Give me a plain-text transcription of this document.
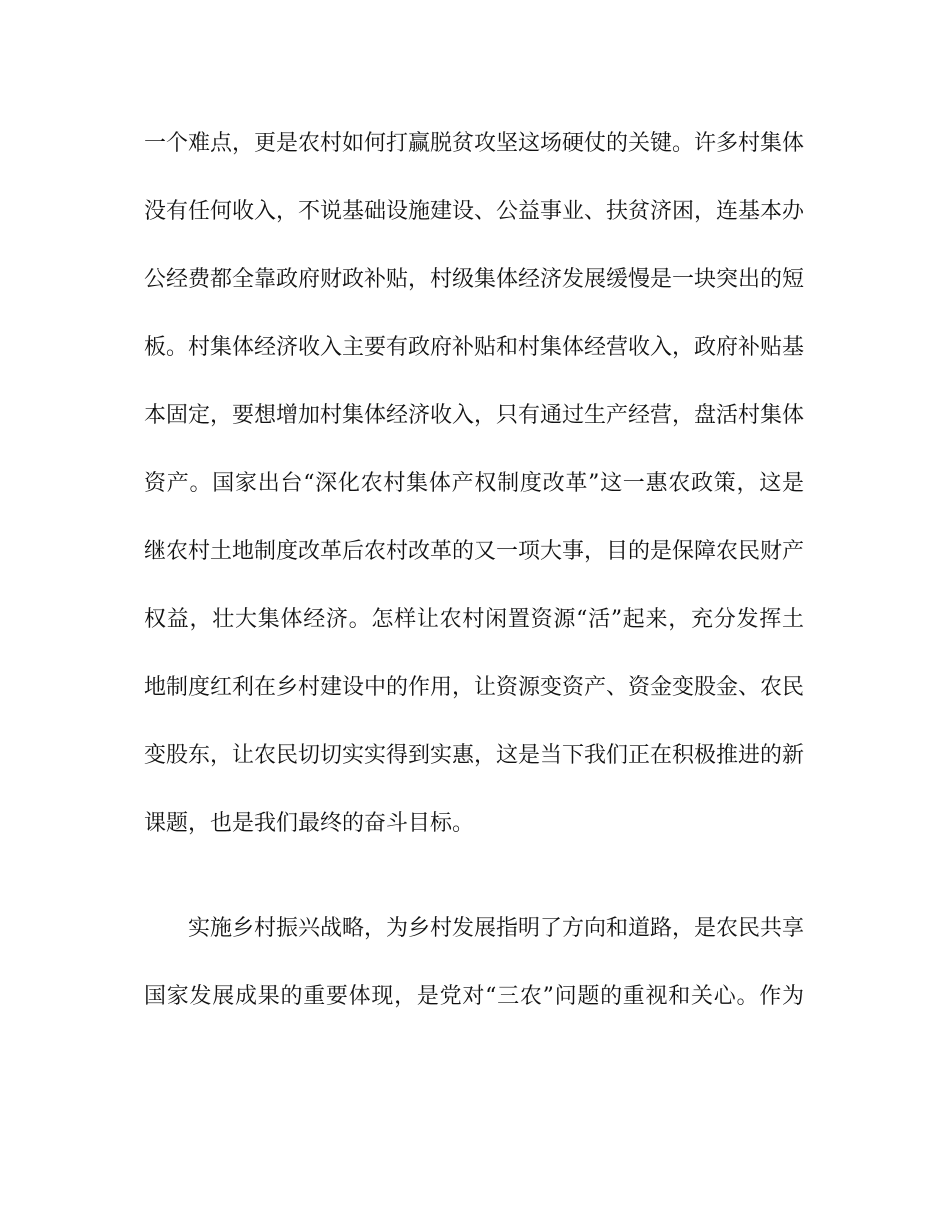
一个难点，更是农村如何打赢脱贫攻坚这场硬仗的关键。许多村集体
没有任何收入，不说基础设施建设、公益事业、扶贫济困，连基本办
公经费都全靠政府财政补贴，村级集体经济发展缓慢是一块突出的短
板。村集体经济收入主要有政府补贴和村集体经营收入，政府补贴基
本固定，要想增加村集体经济收入，只有通过生产经营，盘活村集体
资产。国家出台“深化农村集体产权制度改革”这一惠农政策，这是
继农村土地制度改革后农村改革的又一项大事，目的是保障农民财产
权益，壮大集体经济。怎样让农村闲置资源“活”起来，充分发挥土
地制度红利在乡村建设中的作用，让资源变资产、资金变股金、农民
变股东，让农民切切实实得到实惠，这是当下我们正在积极推进的新
课题，也是我们最终的奋斗目标。
实施乡村振兴战略，为乡村发展指明了方向和道路，是农民共享
国家发展成果的重要体现，是党对“三农”问题的重视和关心。作为
